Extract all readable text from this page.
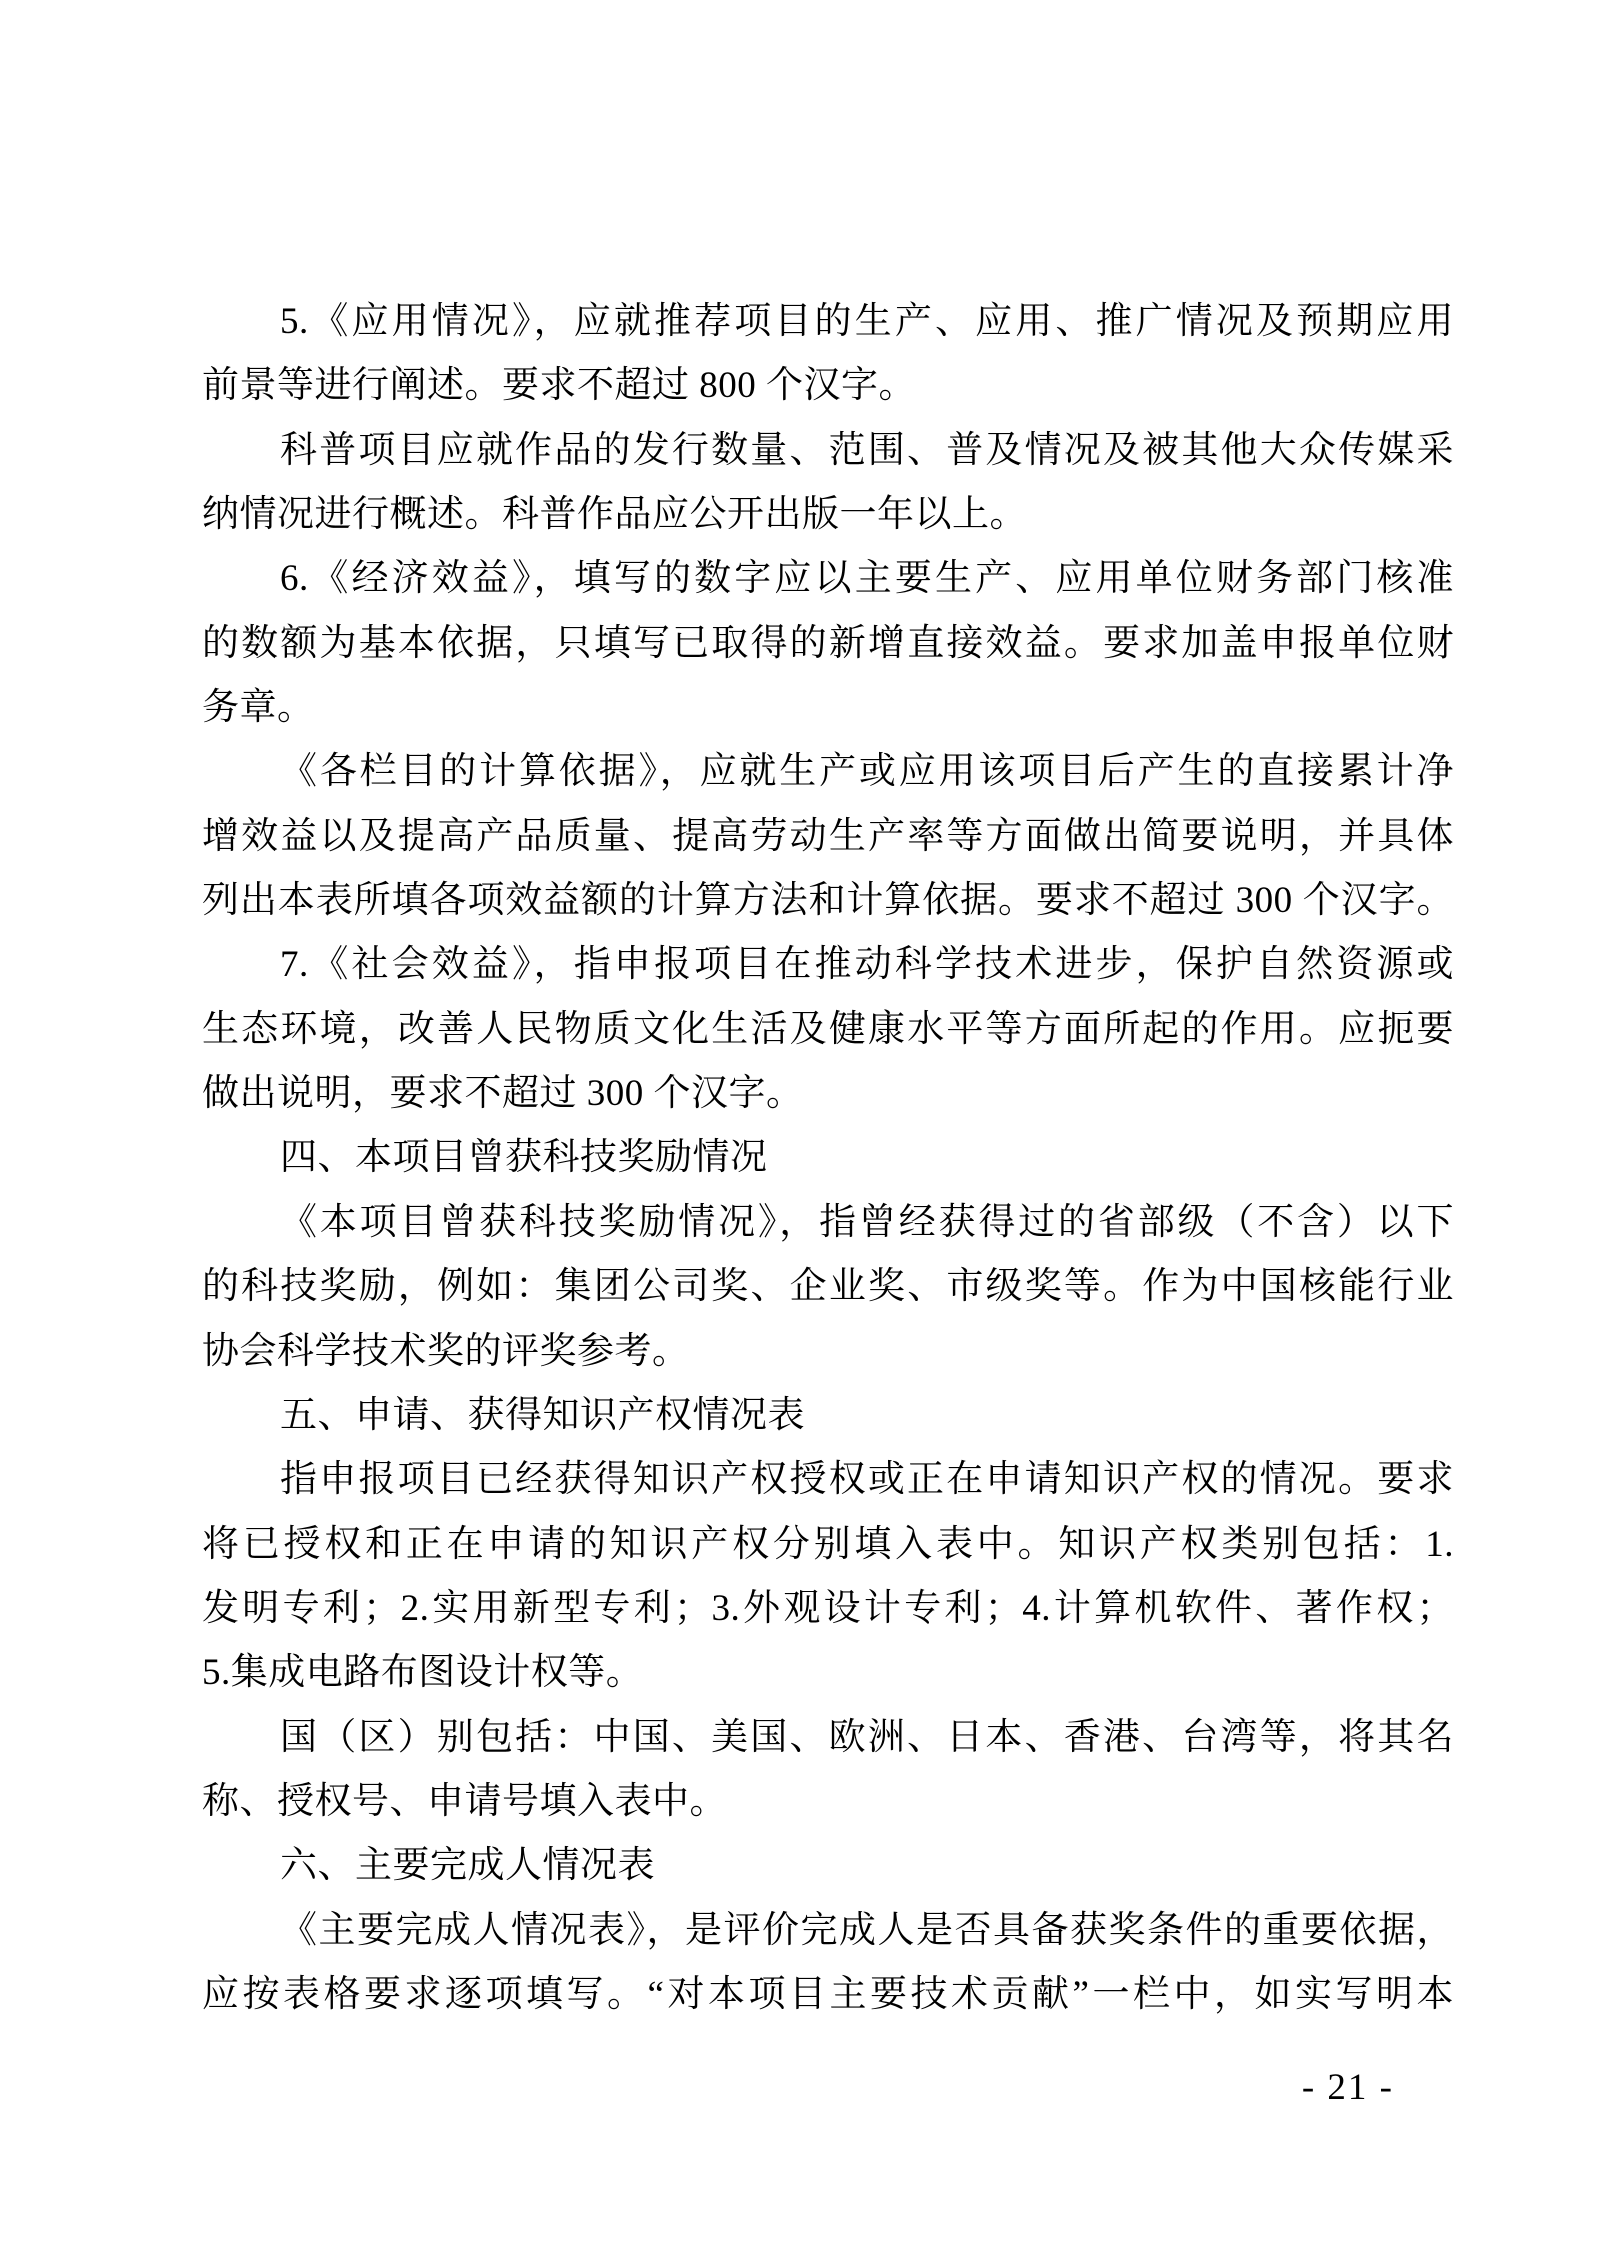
5.《应用情况》，应就推荐项目的生产、应用、推广情况及预期应用
前景等进行阐述。要求不超过 800 个汉字。
科普项目应就作品的发行数量、范围、普及情况及被其他大众传媒采
纳情况进行概述。科普作品应公开出版一年以上。
6.《经济效益》，填写的数字应以主要生产、应用单位财务部门核准
的数额为基本依据，只填写已取得的新增直接效益。要求加盖申报单位财
务章。
《各栏目的计算依据》，应就生产或应用该项目后产生的直接累计净
增效益以及提高产品质量、提高劳动生产率等方面做出简要说明，并具体
列出本表所填各项效益额的计算方法和计算依据。要求不超过 300 个汉字。
7.《社会效益》，指申报项目在推动科学技术进步，保护自然资源或
生态环境，改善人民物质文化生活及健康水平等方面所起的作用。应扼要
做出说明，要求不超过 300 个汉字。
四、本项目曾获科技奖励情况
《本项目曾获科技奖励情况》，指曾经获得过的省部级（不含）以下
的科技奖励，例如：集团公司奖、企业奖、市级奖等。作为中国核能行业
协会科学技术奖的评奖参考。
五、申请、获得知识产权情况表
指申报项目已经获得知识产权授权或正在申请知识产权的情况。要求
将已授权和正在申请的知识产权分别填入表中。知识产权类别包括：1.
发明专利；2.实用新型专利；3.外观设计专利；4.计算机软件、著作权；
5.集成电路布图设计权等。
国（区）别包括：中国、美国、欧洲、日本、香港、台湾等，将其名
称、授权号、申请号填入表中。
六、主要完成人情况表
《主要完成人情况表》，是评价完成人是否具备获奖条件的重要依据，
应按表格要求逐项填写。“对本项目主要技术贡献”一栏中，如实写明本
- 21 -
